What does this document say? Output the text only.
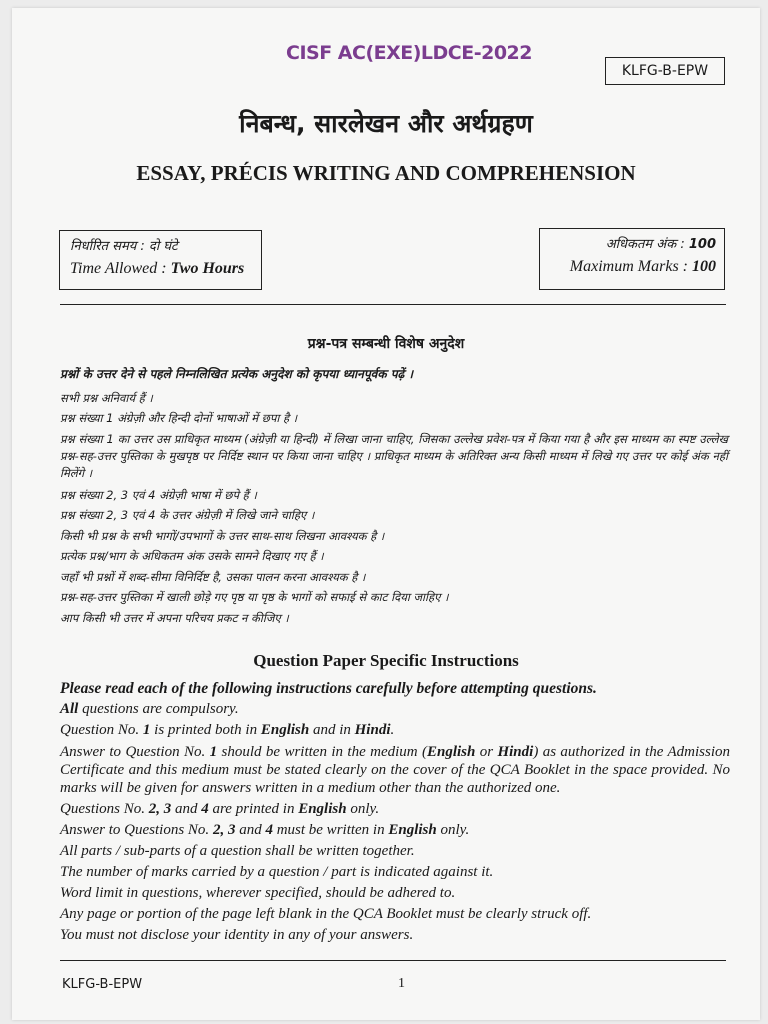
CISF AC(EXE)LDCE-2022
KLFG-B-EPW
निबन्ध, सारलेखन और अर्थग्रहण
ESSAY, PRÉCIS WRITING AND COMPREHENSION
निर्धारित समय : दो घंटे
Time Allowed : Two Hours
अधिकतम अंक : 100
Maximum Marks : 100
प्रश्न-पत्र सम्बन्धी विशेष अनुदेश

प्रश्नों के उत्तर देने से पहले निम्नलिखित प्रत्येक अनुदेश को कृपया ध्यानपूर्वक पढ़ें ।

सभी प्रश्न अनिवार्य हैं ।

प्रश्न संख्या 1 अंग्रेज़ी और हिन्दी दोनों भाषाओं में छपा है ।

प्रश्न संख्या 1 का उत्तर उस प्राधिकृत माध्यम (अंग्रेज़ी या हिन्दी) में लिखा जाना चाहिए, जिसका उल्लेख प्रवेश-पत्र में किया गया है और इस माध्यम का स्पष्ट उल्लेख प्रश्न-सह-उत्तर पुस्तिका के मुखपृष्ठ पर निर्दिष्ट स्थान पर किया जाना चाहिए । प्राधिकृत माध्यम के अतिरिक्त अन्य किसी माध्यम में लिखे गए उत्तर पर कोई अंक नहीं मिलेंगे ।

प्रश्न संख्या 2, 3 एवं 4 अंग्रेज़ी भाषा में छपे हैं ।

प्रश्न संख्या 2, 3 एवं 4 के उत्तर अंग्रेज़ी में लिखे जाने चाहिए ।

किसी भी प्रश्न के सभी भागों/उपभागों के उत्तर साथ-साथ लिखना आवश्यक है ।

प्रत्येक प्रश्न/भाग के अधिकतम अंक उसके सामने दिखाए गए हैं ।

जहाँ भी प्रश्नों में शब्द-सीमा विनिर्दिष्ट है, उसका पालन करना आवश्यक है ।

प्रश्न-सह-उत्तर पुस्तिका में खाली छोड़े गए पृष्ठ या पृष्ठ के भागों को सफाई से काट दिया जाहिए ।

आप किसी भी उत्तर में अपना परिचय प्रकट न कीजिए ।

Question Paper Specific Instructions

Please read each of the following instructions carefully before attempting questions.

All questions are compulsory.

Question No. 1 is printed both in English and in Hindi.

Answer to Question No. 1 should be written in the medium (English or Hindi) as authorized in the Admission Certificate and this medium must be stated clearly on the cover of the QCA Booklet in the space provided. No marks will be given for answers written in a medium other than the authorized one.

Questions No. 2, 3 and 4 are printed in English only.

Answer to Questions No. 2, 3 and 4 must be written in English only.

All parts / sub-parts of a question shall be written together.

The number of marks carried by a question / part is indicated against it.

Word limit in questions, wherever specified, should be adhered to.

Any page or portion of the page left blank in the QCA Booklet must be clearly struck off.

You must not disclose your identity in any of your answers.

KLFG-B-EPW	1
